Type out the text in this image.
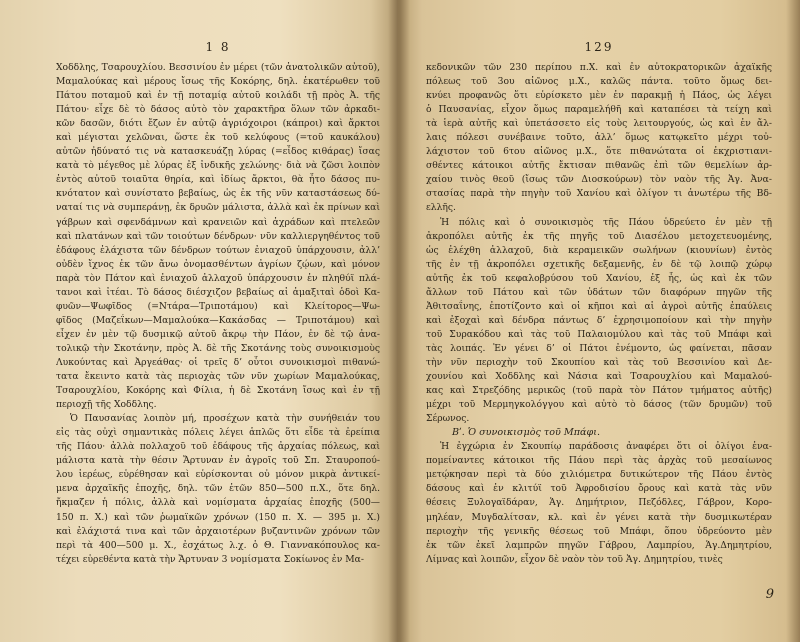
1 8
Χοδδλης, Τσαρουχλίου. Βεσσινίου ἐν μέρει (τῶν ἀνατολικῶν αὐτοῦ),
Μαμαλούκας καὶ μέρους ἴσως τῆς Κοκόρης, δηλ. ἑκατέρωθεν τοῦ
Πάτου ποταμοῦ καὶ ἐν τῇ ποταμίᾳ αὐτοῦ κοιλάδι τῇ πρὸς Ἀ. τῆς
Πάτου· εἶχε δὲ τὸ δάσος αὐτὸ τὸν χαρακτῆρα ὅλων τῶν ἀρκαδι-
κῶν δασῶν, διότι ἔζων ἐν αὐτῷ ἀγριόχοιροι (κάπροι) καὶ ἄρκτοι
καὶ μέγισται χελῶναι, ὥστε ἐκ τοῦ κελύφους (=τοῦ καυκάλου)
αὐτῶν ἠδύνατό τις νὰ κατασκευάζῃ λύρας (=εἶδος κιθάρας) ἴσας
κατὰ τὸ μέγεθος μὲ λύρας ἐξ ἰνδικῆς χελώνης· διὰ νὰ ζῶσι λοιπὸν
ἐντὸς αὐτοῦ τοιαῦτα θηρία, καὶ ἰδίως ἄρκτοι, θὰ ἦτο δάσος πυ-
κνότατον καὶ συνίστατο βεβαίως, ὡς ἐκ τῆς νῦν καταστάσεως δύ-
ναταί τις νὰ συμπεράνῃ, ἐκ δρυῶν μάλιστα, ἀλλὰ καὶ ἐκ πρίνων καὶ
γάβρων καὶ σφενδάμνων καὶ κρανειῶν καὶ ἀχράδων καὶ πτελεῶν
καὶ πλατάνων καὶ τῶν τοιούτων δένδρων· νῦν καλλιεργηθέντος τοῦ
ἐδάφους ἐλάχιστα τῶν δένδρων τούτων ἐνιαχοῦ ὑπάρχουσιν, ἀλλ’
οὐδὲν ἴχνος ἐκ τῶν ἄνω ὀνομασθέντων ἀγρίων ζῴων, καὶ μόνον
παρὰ τὸν Πάτον καὶ ἐνιαχοῦ ἀλλαχοῦ ὑπάρχουσιν ἐν πληθύϊ πλά-
τανοι καὶ ἰτέαι. Τὸ δάσος διέσχιζον βεβαίως αἱ ἀμαξιταὶ ὁδοὶ Κα-
φυῶν—Ψωφῖδος (=Ντάρα—Τριποτάμου) καὶ Κλείτορος—Ψω-
φῖδος (Μαζεΐκων—Μαμαλούκα—Κακάσδας — Τριποτάμου) καὶ
εἶχεν ἐν μὲν τῷ δυσμικῷ αὐτοῦ ἄκρῳ τὴν Πάον, ἐν δὲ τῷ ἀνα-
τολικῷ τὴν Σκοτάνην, πρὸς Ἀ. δὲ τῆς Σκοτάνης τοὺς συνοικισμοὺς
Λυκούντας καὶ Ἀργεάθας· οἱ τρεῖς δ’ οὗτοι συνοικισμοὶ πιθανώ-
τατα ἔκειντο κατὰ τὰς περιοχὰς τῶν νῦν χωρίων Μαμαλούκας,
Τσαρουχλίου, Κοκόρης καὶ Φίλια, ἡ δὲ Σκοτάνη ἴσως καὶ ἐν τῇ
περιοχῇ τῆς Χοδδλης.
Ὁ Παυσανίας λοιπὸν μή, προσέχων κατὰ τὴν συνήθειάν του
εἰς τὰς οὐχὶ σημαντικὰς πόλεις λέγει ἁπλῶς ὅτι εἶδε τὰ ἐρείπια
τῆς Πάου· ἀλλὰ πολλαχοῦ τοῦ ἐδάφους τῆς ἀρχαίας πόλεως, καὶ
μάλιστα κατὰ τὴν θέσιν Ἄρτυναν ἐν ἀγροῖς τοῦ Σπ. Σταυροπού-
λου ἱερέως, εὑρέθησαν καὶ εὑρίσκονται οὐ μόνον μικρὰ ἀντικεί-
μενα ἀρχαϊκῆς ἐποχῆς, δηλ. τῶν ἐτῶν 850—500 π.Χ., ὅτε δηλ.
ἤκμαζεν ἡ πόλις, ἀλλὰ καὶ νομίσματα ἀρχαίας ἐποχῆς (500—
150 π. Χ.) καὶ τῶν ῥωμαϊκῶν χρόνων (150 π. Χ. — 395 μ. Χ.)
καὶ ἐλάχιστά τινα καὶ τῶν ἀρχαιοτέρων βυζαντινῶν χρόνων τῶν
περὶ τὰ 400—500 μ. Χ., ἐσχάτως λ.χ. ὁ Θ. Γιαννακόπουλος κα-
τέχει εὑρεθέντα κατὰ τὴν Ἄρτυναν 3 νομίσματα Σοκίωνος ἐν Μα-
129
κεδονικῶν τῶν 230 περίπου π.Χ. καὶ ἐν αὐτοκρατορικῶν ἀχαϊκῆς
πόλεως τοῦ 3ου αἰῶνος μ.Χ., καλῶς πάντα. τοῦτο ὅμως δει-
κνύει προφανῶς ὅτι εὑρίσκετο μὲν ἐν παρακμῇ ἡ Πάος, ὡς λέγει
ὁ Παυσανίας, εἶχον ὅμως παραμελήθῆ καὶ καταπέσει τὰ τείχη καὶ
τὰ ἱερὰ αὐτῆς καὶ ὑπετάσσετο εἰς τοὺς λειτουργούς, ὡς καὶ ἐν ἄλ-
λαις πόλεσι συνέβαινε τοῦτο, ἀλλ’ ὅμως κατῳκεῖτο μέχρι τοὐ-
λάχιστον τοῦ 6του αἰῶνος μ.Χ., ὅτε πιθανώτατα οἱ ἐκχριστιανι-
σθέντες κάτοικοι αὐτῆς ἔκτισαν πιθανῶς ἐπὶ τῶν θεμελίων ἀρ-
χαίου τινὸς θεοῦ (ἴσως τῶν Διοσκούρων) τὸν ναὸν τῆς Ἁγ. Ἀνα-
στασίας παρὰ τὴν πηγὴν τοῦ Χανίου καὶ ὀλίγον τι ἀνωτέρω τῆς Βδ-
ελλῆς.
Ἡ πόλις καὶ ὁ συνοικισμὸς τῆς Πάου ὑδρεύετο ἐν μὲν τῇ
ἀκροπόλει αὐτῆς ἐκ τῆς πηγῆς τοῦ Διασέλου μετοχετευομένης,
ὡς ἐλέχθη ἀλλαχοῦ, διὰ κεραμεικῶν σωλήνων (κιουνίων) ἐντὸς
τῆς ἐν τῇ ἀκροπόλει σχετικῆς δεξαμενῆς, ἐν δὲ τῷ λοιπῷ χώρῳ
αὐτῆς ἐκ τοῦ κεφαλοβρύσου τοῦ Χανίου, ἐξ ἧς, ὡς καὶ ἐκ τῶν
ἄλλων τοῦ Πάτου καὶ τῶν ὑδάτων τῶν διαφόρων πηγῶν τῆς
Ἀθιτσαΐνης, ἐποτίζοντο καὶ οἱ κῆποι καὶ αἱ ἀγροὶ αὐτῆς ἐπαύλεις
καὶ ἐξοχαὶ καὶ δένδρα πάντως δ’ ἐχρησιμοποίουν καὶ τὴν πηγὴν
τοῦ Συρακόδου καὶ τὰς τοῦ Παλαιομύλου καὶ τὰς τοῦ Μπάφι καὶ
τὰς λοιπάς. Ἐν γένει δ’ οἱ Πάτοι ἐνέμοντο, ὡς φαίνεται, πᾶσαν
τὴν νῦν περιοχὴν τοῦ Σκουπίου καὶ τὰς τοῦ Βεσσινίου καὶ Δε-
χουνίου καὶ Χοδδλης καὶ Νάσια καὶ Τσαρουχλίου καὶ Μαμαλού-
κας καὶ Στρεζόδης μερικῶς (τοῦ παρὰ τὸν Πάτον τμήματος αὐτῆς)
μέχρι τοῦ Μερμηγκολόγγου καὶ αὐτὸ τὸ δάσος (τῶν δρυμῶν) τοῦ
Σέρωνος.
Βʹ. Ὁ συνοικισμὸς τοῦ Μπάφι.
Ἡ ἐγχώρια ἐν Σκουπίῳ παράδοσις ἀναφέρει ὅτι οἱ ὀλίγοι ἐνα-
πομείναντες κάτοικοι τῆς Πάου περὶ τὰς ἀρχὰς τοῦ μεσαίωνος
μετῴκησαν περὶ τὰ δύο χιλιόμετρα δυτικώτερον τῆς Πάου ἐντὸς
δάσους καὶ ἐν κλιτύϊ τοῦ Ἀφροδισίου ὄρους καὶ κατὰ τὰς νῦν
θέσεις Ξυλογαϊδάραν, Ἁγ. Δημήτριον, Πεζόδλες, Γάβρον, Κορο-
μηλέαν, Μυγδαλίτσαν, κλ. καὶ ἐν γένει κατὰ τὴν δυσμικωτέραν
περιοχὴν τῆς γενικῆς θέσεως τοῦ Μπάφι, ὅπου ὑδρεύοντο μὲν
ἐκ τῶν ἐκεῖ λαμπρῶν πηγῶν Γάβρου, Λαμπρίου, Ἁγ.Δημητρίου,
Λίμνας καὶ λοιπῶν, εἶχον δὲ ναὸν τὸν τοῦ Ἁγ. Δημητρίου, τινὲς
9
